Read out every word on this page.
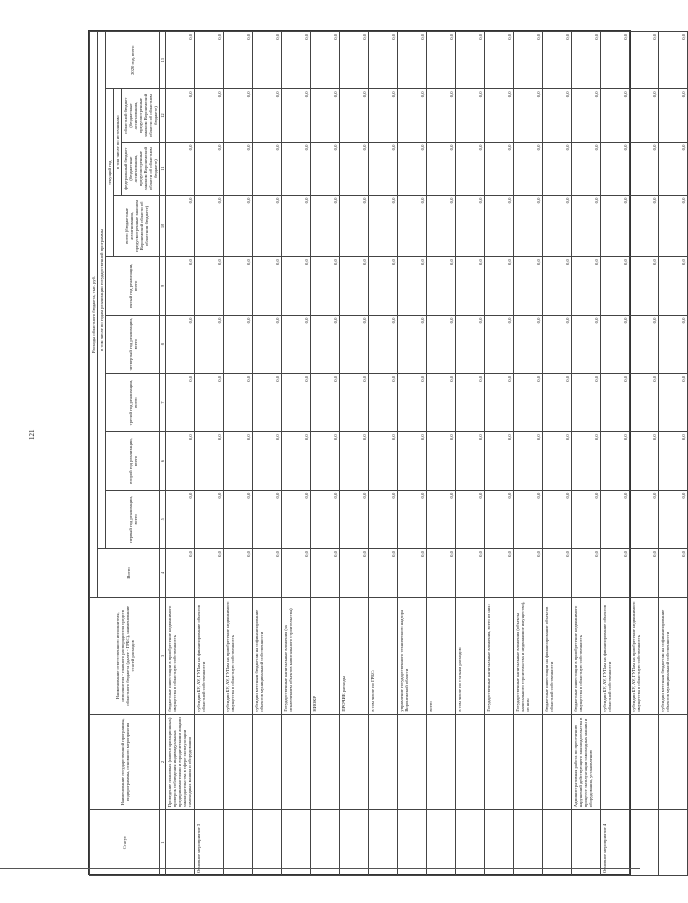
121
Статус	Наименование государственной программы, подпрограммы, основного мероприятия	Наименование ответственного исполнителя, исполнителя - главного распорядителя средств областного бюджета (далее - ГРБС), наименование статей расходов	Расходы областного бюджета, тыс. руб.									
			Всего	в том числе по годам реализации государственной программы								
				первый год реализации, всего	второй год реализации, всего	третий год реализации, всего	четвертый год реализации, всего	пятый год реализации, всего	текущий год			2020 год, всего
									всего (бюджетные ассигнования, предусмотренные законом Воронежской области об областном бюджете)	в том числе по источникам:		
										федеральный бюджет (бюджетные ассигнования, предусмотренные законом Воронежской области об областном бюджете)	областной бюджет (бюджетные ассигнования, предусмотренные законом Воронежской области об областном бюджете)	
1	2	3	4	5	6	7	8	9	10	11	12	13
	Проведение плановых (инвентаризационных) проверок соблюдения индивидуальных предпринимателями и юридическими лицами законодательства в сфере эксплуатации самоходных машин и оборудования	бюджетные инвестиции в приобретение недвижимого имущества в областную собственность	0,0	0,0	0,0	0,0	0,0	0,0	0,0	0,0	0,0	0,0
Основное мероприятие 3		субсидии БУ, АУ, ГУПам на финансирование объектов областной собственности	0,0	0,0	0,0	0,0	0,0	0,0	0,0	0,0	0,0	0,0
		субсидии БУ, АУ, ГУПам на приобретение недвижимого имущества в областную собственность	0,0	0,0	0,0	0,0	0,0	0,0	0,0	0,0	0,0	0,0
		субсидии местным бюджетам на софинансирование объектов муниципальной собственности	0,0	0,0	0,0	0,0	0,0	0,0	0,0	0,0	0,0	0,0
		Государственные капитальные вложения (за исключением объектов капитального строительства)	0,0	0,0	0,0	0,0	0,0	0,0	0,0	0,0	0,0	0,0
		НИОКР	0,0	0,0	0,0	0,0	0,0	0,0	0,0	0,0	0,0	0,0
		ПРОЧИЕ расходы	0,0	0,0	0,0	0,0	0,0	0,0	0,0	0,0	0,0	0,0
		в том числе по ГРБС:	0,0	0,0	0,0	0,0	0,0	0,0	0,0	0,0	0,0	0,0
		управление государственного технического надзора Воронежской области	0,0	0,0	0,0	0,0	0,0	0,0	0,0	0,0	0,0	0,0
		всего	0,0	0,0	0,0	0,0	0,0	0,0	0,0	0,0	0,0	0,0
		в том числе по статьям расходов:	0,0	0,0	0,0	0,0	0,0	0,0	0,0	0,0	0,0	0,0
		Государственные капитальные вложения, всего из них:	0,0	0,0	0,0	0,0	0,0	0,0	0,0	0,0	0,0	0,0
		Государственные капитальные вложения (объекты капитального строительства и недвижимое имущество), из них:	0,0	0,0	0,0	0,0	0,0	0,0	0,0	0,0	0,0	0,0
		бюджетные инвестиции на финансирование объектов областной собственности	0,0	0,0	0,0	0,0	0,0	0,0	0,0	0,0	0,0	0,0
	Административная работа по пресечению нарушений действующего законодательства в процессе эксплуатации самоходных машин и оборудования, установлению	бюджетные инвестиции в приобретение недвижимого имущества в областную собственность	0,0	0,0	0,0	0,0	0,0	0,0	0,0	0,0	0,0	0,0
Основное мероприятие 4		субсидии БУ, АУ, ГУПам на финансирование объектов областной собственности	0,0	0,0	0,0	0,0	0,0	0,0	0,0	0,0	0,0	0,0
		субсидии БУ, АУ, ГУПам на приобретение недвижимого имущества в областную собственность	0,0	0,0	0,0	0,0	0,0	0,0	0,0	0,0	0,0	0,0
		субсидии местным бюджетам на софинансирование объектов муниципальной собственности	0,0	0,0	0,0	0,0	0,0	0,0	0,0	0,0	0,0	0,0
